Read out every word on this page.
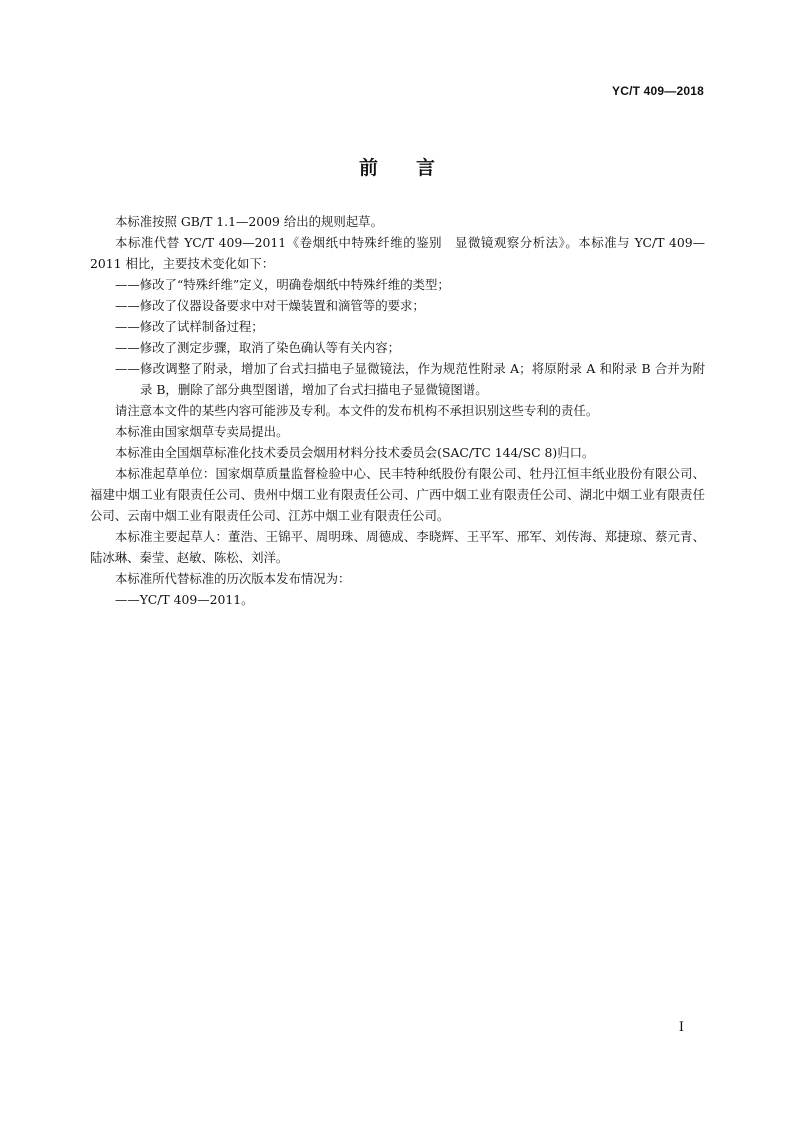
YC/T 409—2018
前 言

本标准按照 GB/T 1.1—2009 给出的规则起草。

本标准代替 YC/T 409—2011《卷烟纸中特殊纤维的鉴别　显微镜观察分析法》。本标准与 YC/T 409—2011 相比，主要技术变化如下：

——修改了“特殊纤维”定义，明确卷烟纸中特殊纤维的类型；

——修改了仪器设备要求中对干燥装置和滴管等的要求；

——修改了试样制备过程；

——修改了测定步骤，取消了染色确认等有关内容；

——修改调整了附录，增加了台式扫描电子显微镜法，作为规范性附录 A；将原附录 A 和附录 B 合并为附录 B，删除了部分典型图谱，增加了台式扫描电子显微镜图谱。

请注意本文件的某些内容可能涉及专利。本文件的发布机构不承担识别这些专利的责任。

本标准由国家烟草专卖局提出。

本标准由全国烟草标准化技术委员会烟用材料分技术委员会(SAC/TC 144/SC 8)归口。

本标准起草单位：国家烟草质量监督检验中心、民丰特种纸股份有限公司、牡丹江恒丰纸业股份有限公司、福建中烟工业有限责任公司、贵州中烟工业有限责任公司、广西中烟工业有限责任公司、湖北中烟工业有限责任公司、云南中烟工业有限责任公司、江苏中烟工业有限责任公司。

本标准主要起草人：董浩、王锦平、周明珠、周德成、李晓辉、王平军、邢军、刘传海、郑捷琼、蔡元青、陆冰琳、秦莹、赵敏、陈松、刘洋。

本标准所代替标准的历次版本发布情况为：

——YC/T 409—2011。

I
